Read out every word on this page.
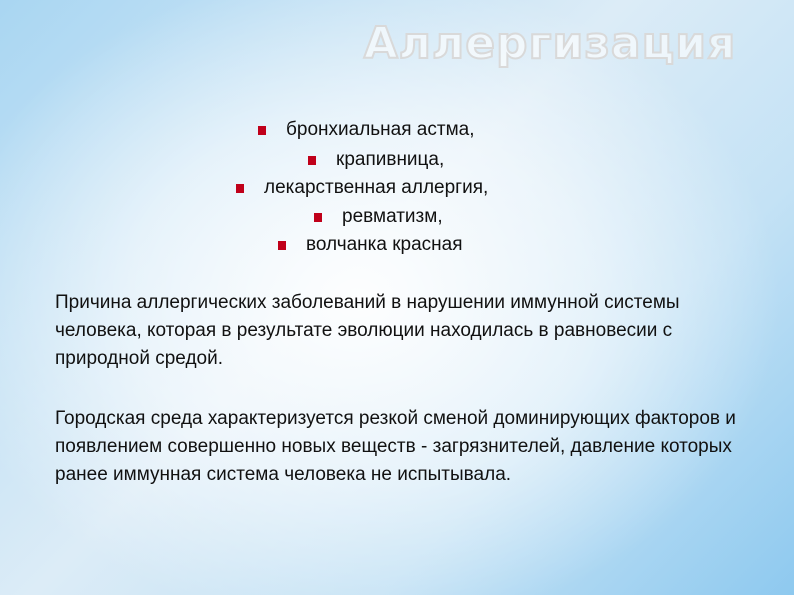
Аллергизация
бронхиальная астма,
крапивница,
лекарственная аллергия,
ревматизм,
волчанка красная

Причина аллергических заболеваний в нарушении иммунной системы человека, которая в результате эволюции находилась в равновесии с природной средой.

Городская среда характеризуется резкой сменой доминирующих факторов и появлением совершенно новых веществ - загрязнителей, давление которых ранее иммунная система человека не испытывала.
